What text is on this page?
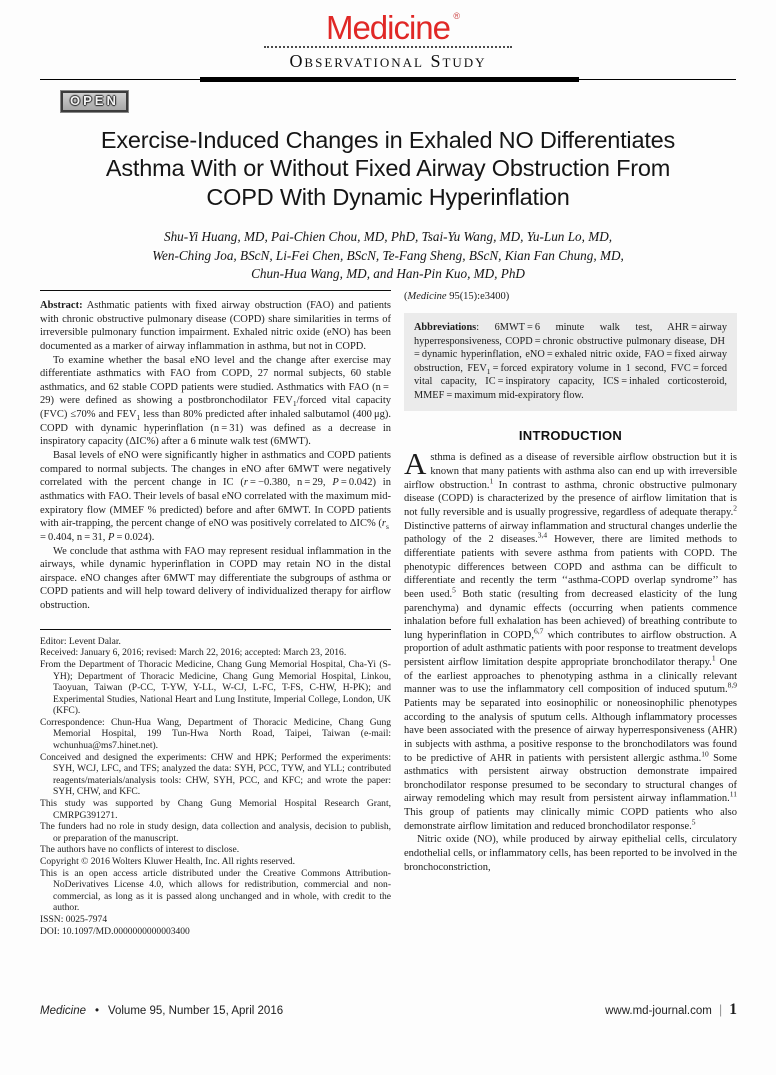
Medicine ®
Observational Study
OPEN
Exercise-Induced Changes in Exhaled NO Differentiates
Asthma With or Without Fixed Airway Obstruction From
COPD With Dynamic Hyperinflation
Shu-Yi Huang, MD, Pai-Chien Chou, MD, PhD, Tsai-Yu Wang, MD, Yu-Lun Lo, MD,
Wen-Ching Joa, BScN, Li-Fei Chen, BScN, Te-Fang Sheng, BScN, Kian Fan Chung, MD,
Chun-Hua Wang, MD, and Han-Pin Kuo, MD, PhD

Abstract: Asthmatic patients with fixed airway obstruction (FAO) and patients with chronic obstructive pulmonary disease (COPD) share similarities in terms of irreversible pulmonary function impairment. Exhaled nitric oxide (eNO) has been documented as a marker of airway inflammation in asthma, but not in COPD.

To examine whether the basal eNO level and the change after exercise may differentiate asthmatics with FAO from COPD, 27 normal subjects, 60 stable asthmatics, and 62 stable COPD patients were studied. Asthmatics with FAO (n = 29) were defined as showing a postbronchodilator $FEV_1$/forced vital capacity (FVC) ≤70% and $FEV_1$ less than 80% predicted after inhaled salbutamol (400 μg). COPD with dynamic hyperinflation (n = 31) was defined as a decrease in inspiratory capacity (ΔIC%) after a 6 minute walk test (6MWT).

Basal levels of eNO were significantly higher in asthmatics and COPD patients compared to normal subjects. The changes in eNO after 6MWT were negatively correlated with the percent change in IC (r = −0.380, n = 29, P = 0.042) in asthmatics with FAO. Their levels of basal eNO correlated with the maximum mid-expiratory flow (MMEF % predicted) before and after 6MWT. In COPD patients with air-trapping, the percent change of eNO was positively correlated to ΔIC% ($r_s = 0.404$, n = 31, P = 0.024).

We conclude that asthma with FAO may represent residual inflammation in the airways, while dynamic hyperinflation in COPD may retain NO in the distal airspace. eNO changes after 6MWT may differentiate the subgroups of asthma or COPD patients and will help toward delivery of individualized therapy for airflow obstruction.

Editor: Levent Dalar.
Received: January 6, 2016; revised: March 22, 2016; accepted: March 23, 2016.
From the Department of Thoracic Medicine, Chang Gung Memorial Hospital, Cha-Yi (S-YH); Department of Thoracic Medicine, Chang Gung Memorial Hospital, Linkou, Taoyuan, Taiwan (P-CC, T-YW, Y-LL, W-CJ, L-FC, T-FS, C-HW, H-PK); and Experimental Studies, National Heart and Lung Institute, Imperial College, London, UK (KFC).
Correspondence: Chun-Hua Wang, Department of Thoracic Medicine, Chang Gung Memorial Hospital, 199 Tun-Hwa North Road, Taipei, Taiwan (e-mail: wchunhua@ms7.hinet.net).
Conceived and designed the experiments: CHW and HPK; Performed the experiments: SYH, WCJ, LFC, and TFS; analyzed the data: SYH, PCC, TYW, and YLL; contributed reagents/materials/analysis tools: CHW, SYH, PCC, and KFC; and wrote the paper: SYH, CHW, and KFC.
This study was supported by Chang Gung Memorial Hospital Research Grant, CMRPG391271.
The funders had no role in study design, data collection and analysis, decision to publish, or preparation of the manuscript.
The authors have no conflicts of interest to disclose.
Copyright © 2016 Wolters Kluwer Health, Inc. All rights reserved.
This is an open access article distributed under the Creative Commons Attribution-NoDerivatives License 4.0, which allows for redistribution, commercial and non-commercial, as long as it is passed along unchanged and in whole, with credit to the author.
ISSN: 0025-7974
DOI: 10.1097/MD.0000000000003400
(Medicine 95(15):e3400)
Abbreviations: 6MWT = 6 minute walk test, AHR = airway hyperresponsiveness, COPD = chronic obstructive pulmonary disease, DH = dynamic hyperinflation, eNO = exhaled nitric oxide, FAO = fixed airway obstruction, $FEV_1$ = forced expiratory volume in 1 second, FVC = forced vital capacity, IC = inspiratory capacity, ICS = inhaled corticosteroid, MMEF = maximum mid-expiratory flow.
INTRODUCTION

Asthma is defined as a disease of reversible airflow obstruction but it is known that many patients with asthma also can end up with irreversible airflow obstruction.$^1$ In contrast to asthma, chronic obstructive pulmonary disease (COPD) is characterized by the presence of airflow limitation that is not fully reversible and is usually progressive, regardless of adequate therapy.$^2$ Distinctive patterns of airway inflammation and structural changes underlie the pathology of the 2 diseases.$^{3,4}$ However, there are limited methods to differentiate patients with severe asthma from patients with COPD. The phenotypic differences between COPD and asthma can be difficult to differentiate and recently the term ‘‘asthma-COPD overlap syndrome’’ has been used.$^5$ Both static (resulting from decreased elasticity of the lung parenchyma) and dynamic effects (occurring when patients commence inhalation before full exhalation has been achieved) of breathing contribute to lung hyperinflation in COPD,$^{6,7}$ which contributes to airflow obstruction. A proportion of adult asthmatic patients with poor response to treatment develops persistent airflow limitation despite appropriate bronchodilator therapy.$^1$ One of the earliest approaches to phenotyping asthma in a clinically relevant manner was to use the inflammatory cell composition of induced sputum.$^{8,9}$ Patients may be separated into eosinophilic or noneosinophilic phenotypes according to the analysis of sputum cells. Although inflammatory processes have been associated with the presence of airway hyperresponsiveness (AHR) in subjects with asthma, a positive response to the bronchodilators was found to be predictive of AHR in patients with persistent allergic asthma.$^{10}$ Some asthmatics with persistent airway obstruction demonstrate impaired bronchodilator response presumed to be secondary to structural changes of airway remodeling which may result from persistent airway inflammation.$^{11}$ This group of patients may clinically mimic COPD patients who also demonstrate airflow limitation and reduced bronchodilator response.$^5$

Nitric oxide (NO), while produced by airway epithelial cells, circulatory endothelial cells, or inflammatory cells, has been reported to be involved in the bronchoconstriction,

Medicine  •  Volume 95, Number 15, April 2016	www.md-journal.com | 1
